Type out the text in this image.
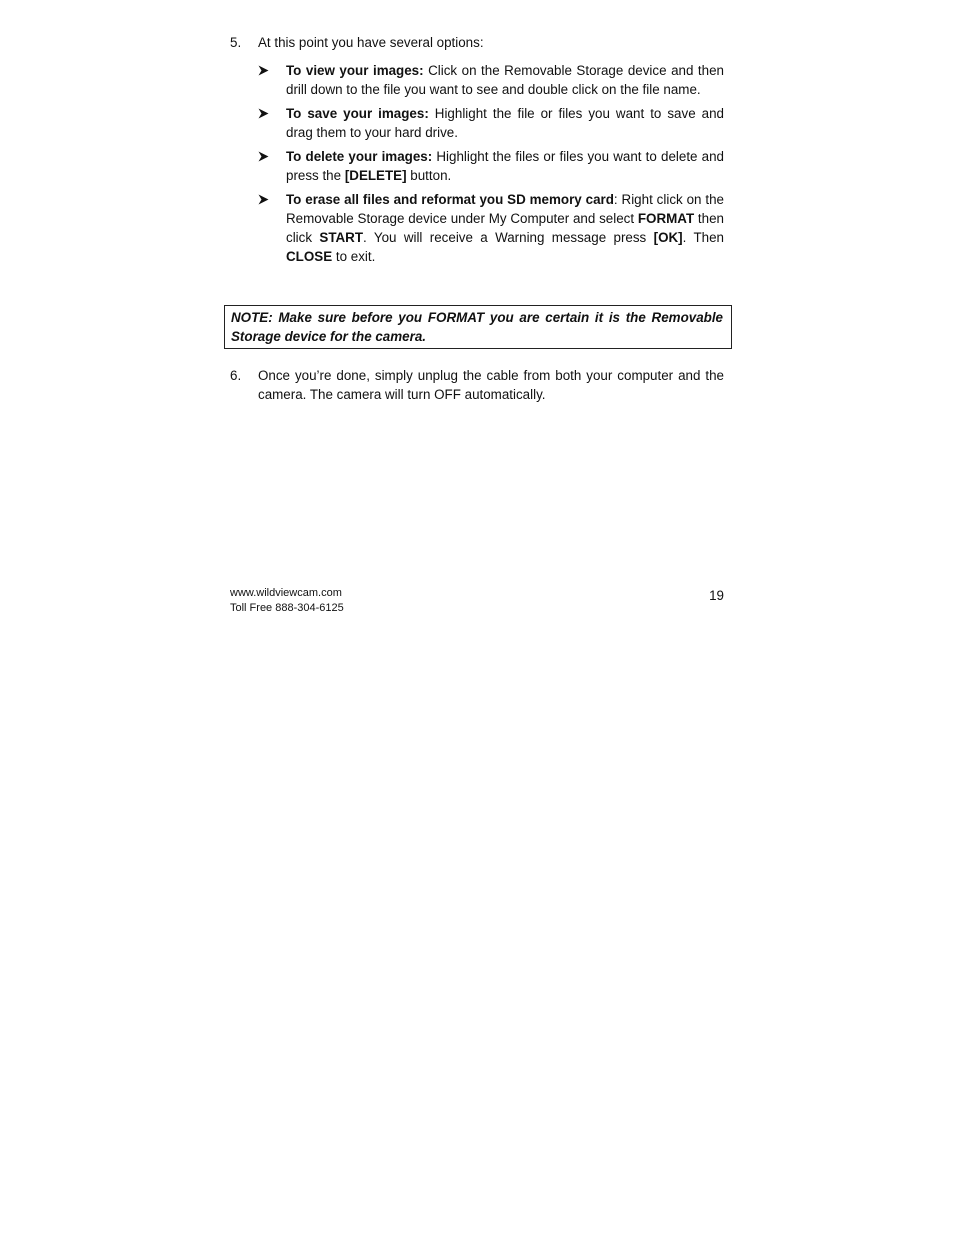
5.	At this point you have several options:
To view your images: Click on the Removable Storage device and then drill down to the file you want to see and double click on the file name.
To save your images: Highlight the file or files you want to save and drag them to your hard drive.
To delete your images: Highlight the files or files you want to delete and press the [DELETE] button.
To erase all files and reformat you SD memory card: Right click on the Removable Storage device under My Computer and select FORMAT then click START. You will receive a Warning message press [OK]. Then CLOSE to exit.
NOTE: Make sure before you FORMAT you are certain it is the Removable Storage device for the camera.
6.	Once you’re done, simply unplug the cable from both your computer and the camera. The camera will turn OFF automatically.
www.wildviewcam.com
Toll Free 888-304-6125
19
